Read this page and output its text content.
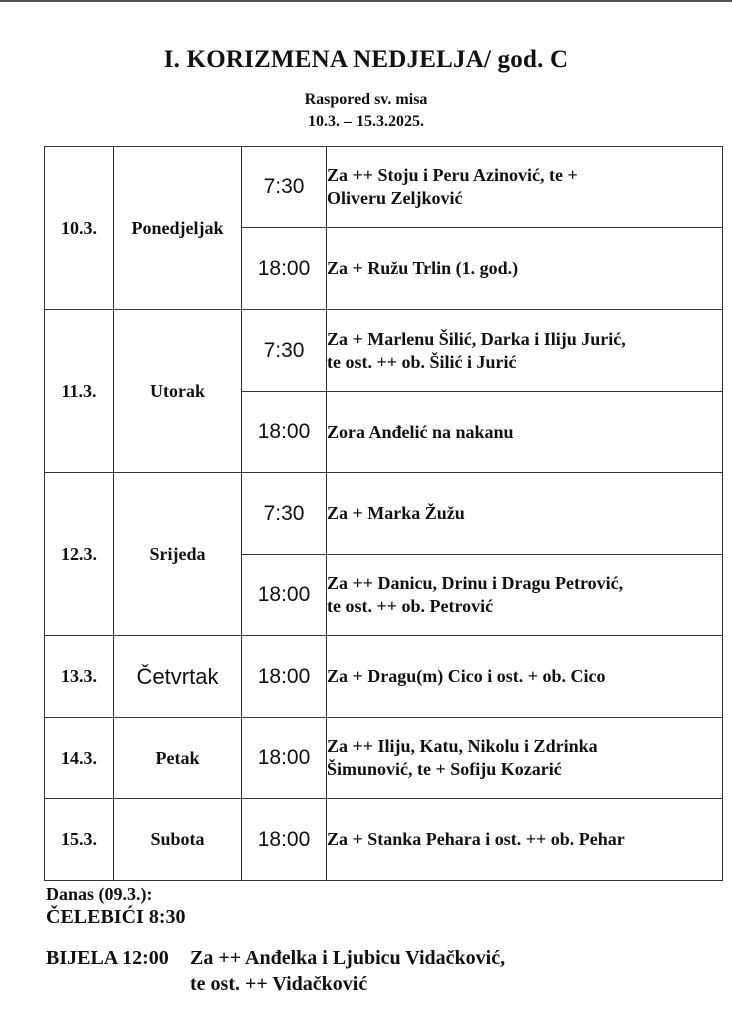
I. KORIZMENA NEDJELJA/ god. C
Raspored sv. misa
10.3. – 15.3.2025.
10.3.	Ponedjeljak	7:30	Za ++ Stoju i Peru Azinović, te +
Oliveru Zeljković

		18:00	Za + Ružu Trlin (1. god.)

11.3.	Utorak	7:30	Za + Marlenu Šilić, Darka i Iliju Jurić,
te ost. ++ ob. Šilić i Jurić

		18:00	Zora Anđelić na nakanu

12.3.	Srijeda	7:30	Za + Marka Žužu

		18:00	Za ++ Danicu, Drinu i Dragu Petrović,
te ost. ++ ob. Petrović

13.3.	Četvrtak	18:00	Za + Dragu(m) Cico i ost. + ob. Cico

14.3.	Petak	18:00	Za ++ Iliju, Katu, Nikolu i Zdrinka
Šimunović, te + Sofiju Kozarić

15.3.	Subota	18:00	Za + Stanka Pehara i ost. ++ ob. Pehar
Danas (09.3.):
ČELEBIĆI 8:30
BIJELA 12:00 Za ++ Anđelka i Ljubicu Vidačković,
te ost. ++ Vidačković
